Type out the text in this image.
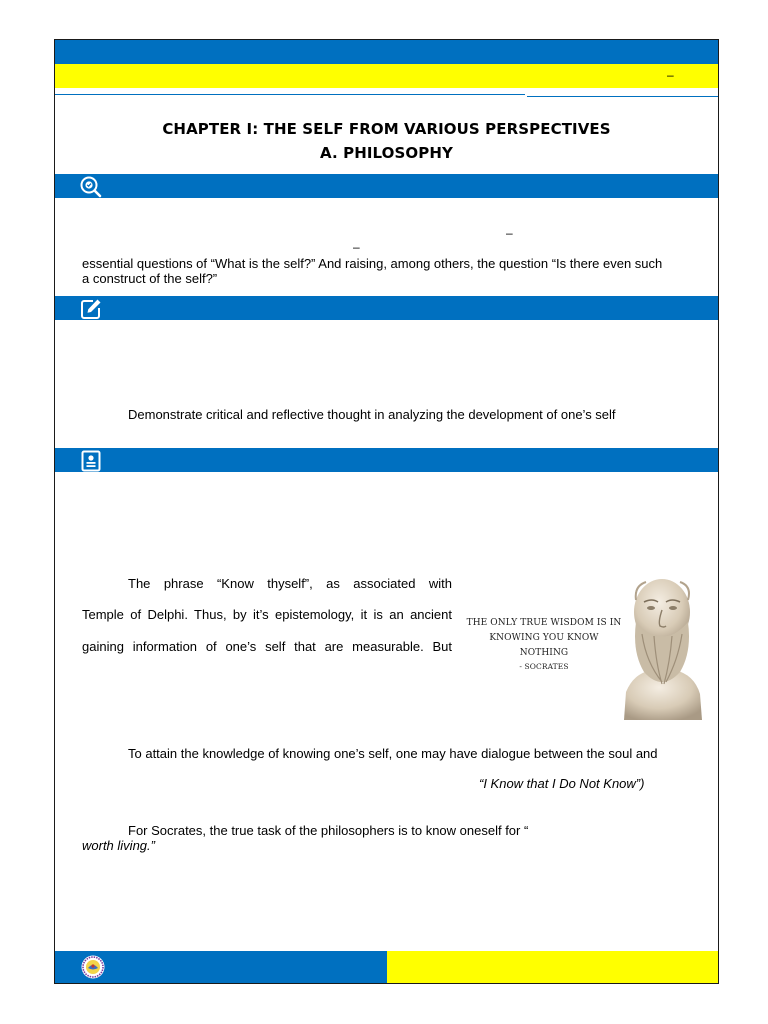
–
CHAPTER I: THE SELF FROM VARIOUS PERSPECTIVES
A. PHILOSOPHY
–
–
essential questions of “What is the self?” And raising, among others, the question “Is there even such
a construct of the self?”
Demonstrate critical and reflective thought in analyzing the development of one’s self
The phrase “Know thyself”, as associated with
Temple of Delphi. Thus, by it’s epistemology, it is an ancient
gaining information of one’s self that are measurable. But
THE ONLY TRUE WISDOM IS IN
KNOWING YOU KNOW
NOTHING
- SOCRATES
To attain the knowledge of knowing one’s self, one may have dialogue between the soul and
“I Know that I Do Not Know”)
For Socrates, the true task of the philosophers is to know oneself for “
worth living.”
